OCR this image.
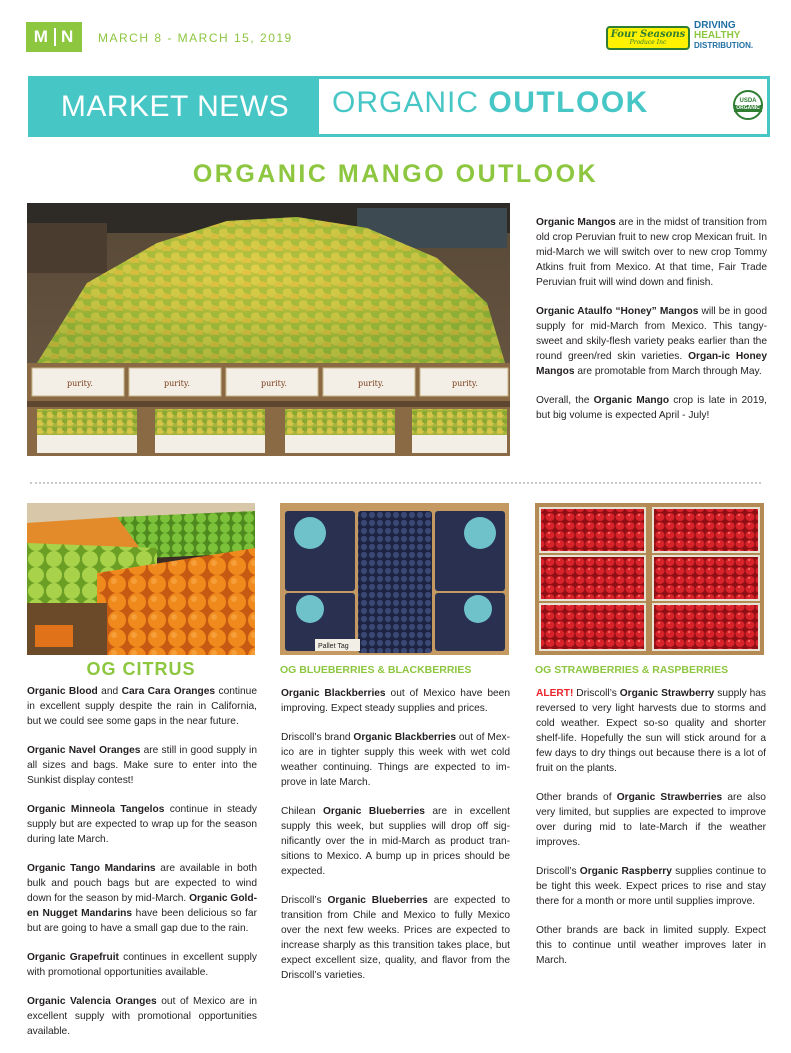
M N MARCH 8 - MARCH 15, 2019	Four Seasons
Produce Inc
DRIVING
HEALTHY
DISTRIBUTION.
MARKET NEWS	ORGANIC OUTLOOK	USDA
ORGANIC
ORGANIC MANGO OUTLOOK
purity.	purity.	purity.	purity.	purity.

Organic Mangos are in the midst of transition from old crop Peruvian fruit to new crop Mexican fruit. In mid-March we will switch over to new crop Tommy Atkins fruit from Mexico. At that time, Fair Trade Peruvian fruit will wind down and finish.

Organic Ataulfo “Honey” Mangos will be in good supply for mid-March from Mexico. This tangy-sweet and skily-flesh variety peaks earlier than the round green/red skin varieties. Organ-ic Honey Mangos are promotable from March through May.

Overall, the Organic Mango crop is late in 2019, but big volume is expected April - July!

Pallet Tag
OG CITRUS	OG BLUEBERRIES & BLACKBERRIES	OG STRAWBERRIES & RASPBERRIES

Organic Blood and Cara Cara Oranges continue in excellent supply despite the rain in California, but we could see some gaps in the near future.

Organic Navel Oranges are still in good supply in all sizes and bags. Make sure to enter into the Sunkist display contest!

Organic Minneola Tangelos continue in steady supply but are expected to wrap up for the season during late March.

Organic Tango Mandarins are available in both bulk and pouch bags but are expected to wind down for the season by mid-March. Organic Gold-en Nugget Mandarins have been delicious so far but are going to have a small gap due to the rain.

Organic Grapefruit continues in excellent supply with promotional opportunities available.

Organic Valencia Oranges out of Mexico are in excellent supply with promotional opportunities available.

Organic Blackberries out of Mexico have been improving. Expect steady supplies and prices.

Driscoll’s brand Organic Blackberries out of Mex-ico are in tighter supply this week with wet cold weather continuing. Things are expected to im-prove in late March.

Chilean Organic Blueberries are in excellent supply this week, but supplies will drop off sig-nificantly over the in mid-March as product tran-sitions to Mexico. A bump up in prices should be expected.

Driscoll’s Organic Blueberries are expected to transition from Chile and Mexico to fully Mexico over the next few weeks. Prices are expected to increase sharply as this transition takes place, but expect excellent size, quality, and flavor from the Driscoll’s varieties.

ALERT! Driscoll’s Organic Strawberry supply has reversed to very light harvests due to storms and cold weather. Expect so-so quality and shorter shelf-life. Hopefully the sun will stick around for a few days to dry things out because there is a lot of fruit on the plants.

Other brands of Organic Strawberries are also very limited, but supplies are expected to improve over during mid to late-March if the weather improves.

Driscoll’s Organic Raspberry supplies continue to be tight this week. Expect prices to rise and stay there for a month or more until supplies improve.

Other brands are back in limited supply. Expect this to continue until weather improves later in March.
